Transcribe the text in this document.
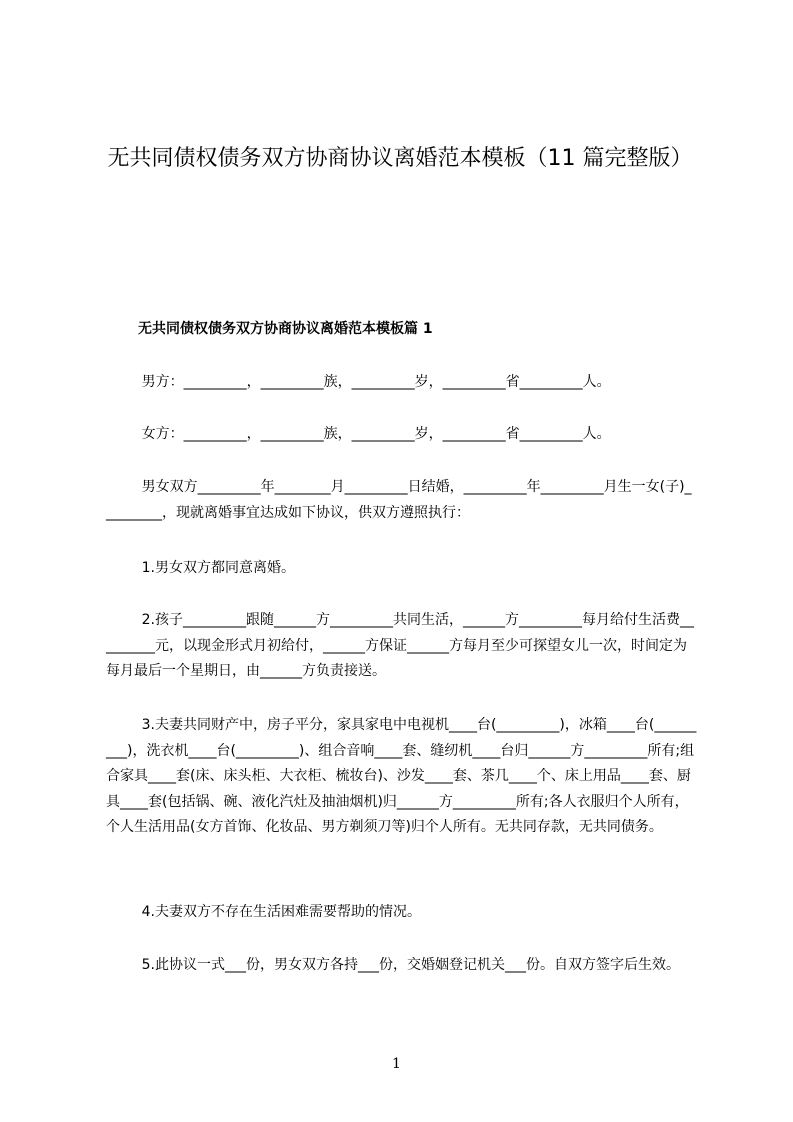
无共同债权债务双方协商协议离婚范本模板（11 篇完整版）
无共同债权债务双方协商协议离婚范本模板篇 1

男方：_________，_________族，_________岁，_________省_________人。

女方：_________，_________族，_________岁，_________省_________人。

男女双方_________年________月_________日结婚，_________年_________月生一女(子)_________，现就离婚事宜达成如下协议，供双方遵照执行：

1.男女双方都同意离婚。

2.孩子_________跟随______方_________共同生活，______方_________每月给付生活费_________元，以现金形式月初给付，______方保证______方每月至少可探望女儿一次，时间定为每月最后一个星期日，由______方负责接送。

3.夫妻共同财产中，房子平分，家具家电中电视机____台(_________)，冰箱____台(_________)，洗衣机____台(_________)、组合音响____套、缝纫机____台归______方_________所有;组合家具____套(床、床头柜、大衣柜、梳妆台)、沙发____套、茶几____个、床上用品____套、厨具____套(包括锅、碗、液化汽灶及抽油烟机)归______方_________所有;各人衣服归个人所有，个人生活用品(女方首饰、化妆品、男方剃须刀等)归个人所有。无共同存款，无共同债务。

4.夫妻双方不存在生活困难需要帮助的情况。

5.此协议一式___份，男女双方各持___份，交婚姻登记机关___份。自双方签字后生效。

1
